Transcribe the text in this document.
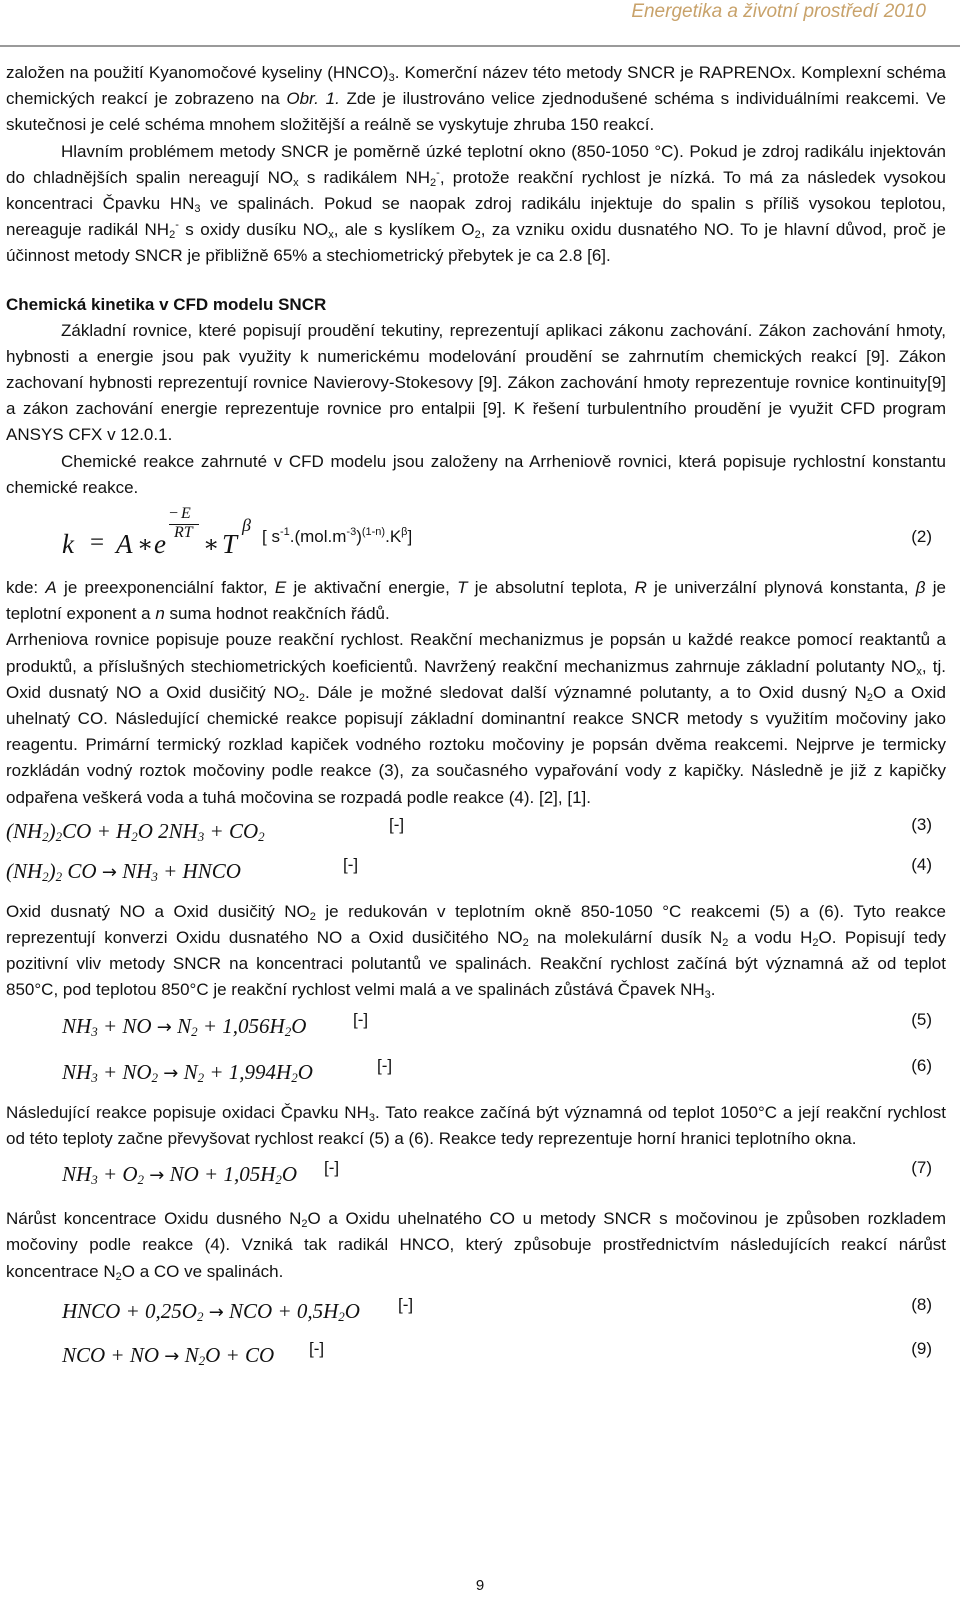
Energetika a životní prostředí 2010

založen na použití Kyanomočové kyseliny $(HNCO)_3$. Komerční název této metody SNCR je RAPRENOx. Komplexní schéma chemických reakcí je zobrazeno na Obr. 1. Zde je ilustrováno velice zjednodušené schéma s individuálními reakcemi. Ve skutečnosi je celé schéma mnohem složitější a reálně se vyskytuje zhruba 150 reakcí.

Hlavním problémem metody SNCR je poměrně úzké teplotní okno (850-1050 °C). Pokud je zdroj radikálu injektován do chladnějších spalin nereagují $NO_x$ s radikálem $NH_2^-$, protože reakční rychlost je nízká. To má za následek vysokou koncentraci Čpavku $HN_3$ ve spalinách. Pokud se naopak zdroj radikálu injektuje do spalin s příliš vysokou teplotou, nereaguje radikál $NH_2^-$ s oxidy dusíku $NO_x$, ale s kyslíkem $O_2$, za vzniku oxidu dusnatého NO. To je hlavní důvod, proč je účinnost metody SNCR je přibližně 65% a stechiometrický přebytek je ca 2.8 [6].

Chemická kinetika v CFD modelu SNCR

Základní rovnice, které popisují proudění tekutiny, reprezentují aplikaci zákonu zachování. Zákon zachování hmoty, hybnosti a energie jsou pak využity k numerickému modelování proudění se zahrnutím chemických reakcí [9]. Zákon zachovaní hybnosti reprezentují rovnice Navierovy-Stokesovy [9]. Zákon zachování hmoty reprezentuje rovnice kontinuity[9] a zákon zachování energie reprezentuje rovnice pro entalpii [9]. K řešení turbulentního proudění je využit CFD program ANSYS CFX v 12.0.1.

Chemické reakce zahrnuté v CFD modelu jsou založeny na Arrheniově rovnici, která popisuje rychlostní konstantu chemické reakce.

k = A ∗ e
− E
RT ∗ T
β
[ $s^{-1}.(mol.m^{-3})^{(1-n)}.K^\beta$]	(2)

kde: A je preexponenciální faktor, E je aktivační energie, T je absolutní teplota, R je univerzální plynová konstanta, β je teplotní exponent a n suma hodnot reakčních řádů.

Arrheniova rovnice popisuje pouze reakční rychlost. Reakční mechanizmus je popsán u každé reakce pomocí reaktantů a produktů, a příslušných stechiometrických koeficientů. Navržený reakční mechanizmus zahrnuje základní polutanty $NO_x$, tj. Oxid dusnatý NO a Oxid dusičitý $NO_2$. Dále je možné sledovat další významné polutanty, a to Oxid dusný $N_2O$ a Oxid uhelnatý CO. Následující chemické reakce popisují základní dominantní reakce SNCR metody s využitím močoviny jako reagentu. Primární termický rozklad kapiček vodného roztoku močoviny je popsán dvěma reakcemi. Nejprve je termicky rozkládán vodný roztok močoviny podle reakce (3), za současného vypařování vody z kapičky. Následně je již z kapičky odpařena veškerá voda a tuhá močovina se rozpadá podle reakce (4). [2], [1].

$(NH_2)_2CO + H_2O$ $2NH_3 + CO_2$
[-]	(3)
$(NH_2)_2$ CO → $NH_3$ + HNCO	[-]	(4)

Oxid dusnatý NO a Oxid dusičitý $NO_2$ je redukován v teplotním okně 850-1050 °C reakcemi (5) a (6). Tyto reakce reprezentují konverzi Oxidu dusnatého NO a Oxid dusičitého $NO_2$ na molekulární dusík $N_2$ a vodu $H_2O$. Popisují tedy pozitivní vliv metody SNCR na koncentraci polutantů ve spalinách. Reakční rychlost začíná být významná až od teplot 850°C, pod teplotou 850°C je reakční rychlost velmi malá a ve spalinách zůstává Čpavek $NH_3$.

$NH_3$ + NO → $N_2 + 1,056H_2O$	[-]	(5)
$NH_3 + NO_2 \to N_2 + 1,994H_2O$	[-]	(6)

Následující reakce popisuje oxidaci Čpavku $NH_3$. Tato reakce začíná být významná od teplot 1050°C a její reakční rychlost od této teploty začne převyšovat rychlost reakcí (5) a (6). Reakce tedy reprezentuje horní hranici teplotního okna.

$NH_3 + O_2$ → NO + $1,05H_2O$ [-]	(7)

Nárůst koncentrace Oxidu dusného $N_2O$ a Oxidu uhelnatého CO u metody SNCR s močovinou je způsoben rozkladem močoviny podle reakce (4). Vzniká tak radikál HNCO, který způsobuje prostřednictvím následujících reakcí nárůst koncentrace $N_2O$ a CO ve spalinách.

HNCO + $0,25O_2$ → NCO + $0,5H_2O$ [-]	(8)
NCO + NO → $N_2O$ + CO [-]	(9)
9
